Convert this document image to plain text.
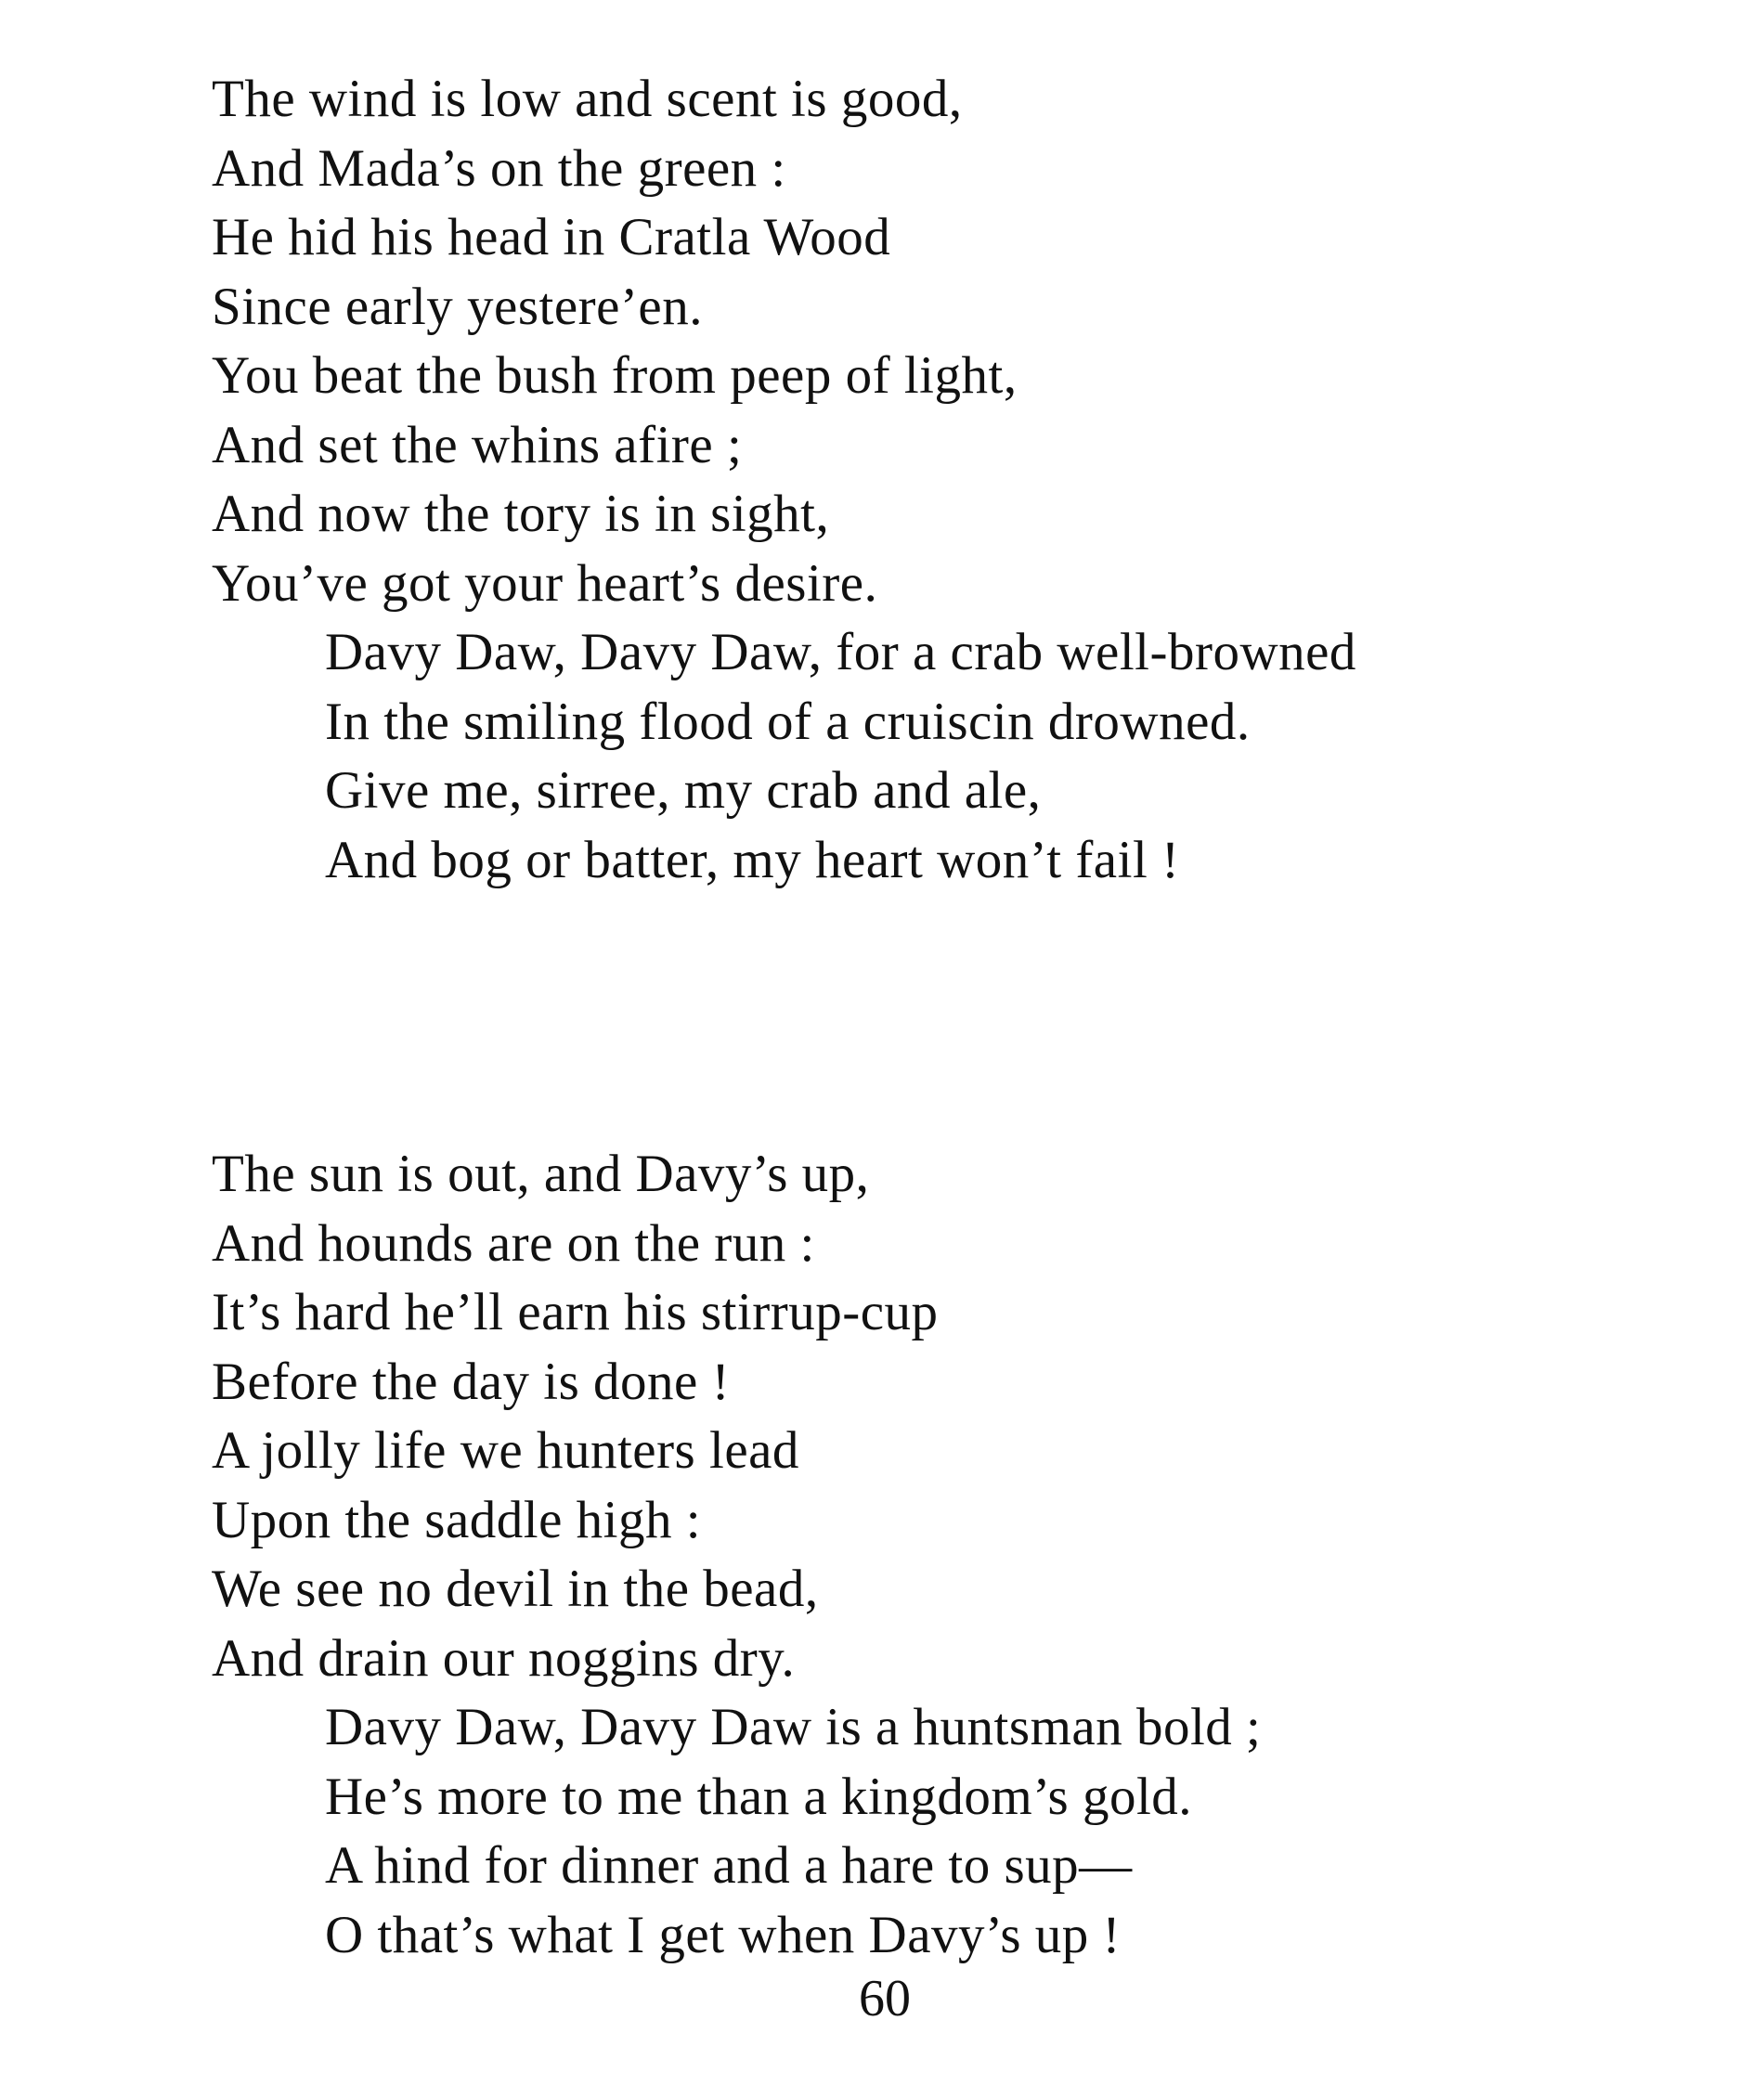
The wind is low and scent is good,
And Mada’s on the green :
He hid his head in Cratla Wood
Since early yestere’en.
You beat the bush from peep of light,
And set the whins afire ;
And now the tory is in sight,
You’ve got your heart’s desire.
Davy Daw, Davy Daw, for a crab well-browned
In the smiling flood of a cruiscin drowned.
Give me, sirree, my crab and ale,
And bog or batter, my heart won’t fail !
The sun is out, and Davy’s up,
And hounds are on the run :
It’s hard he’ll earn his stirrup-cup
Before the day is done !
A jolly life we hunters lead
Upon the saddle high :
We see no devil in the bead,
And drain our noggins dry.
Davy Daw, Davy Daw is a huntsman bold ;
He’s more to me than a kingdom’s gold.
A hind for dinner and a hare to sup—
O that’s what I get when Davy’s up !
60
